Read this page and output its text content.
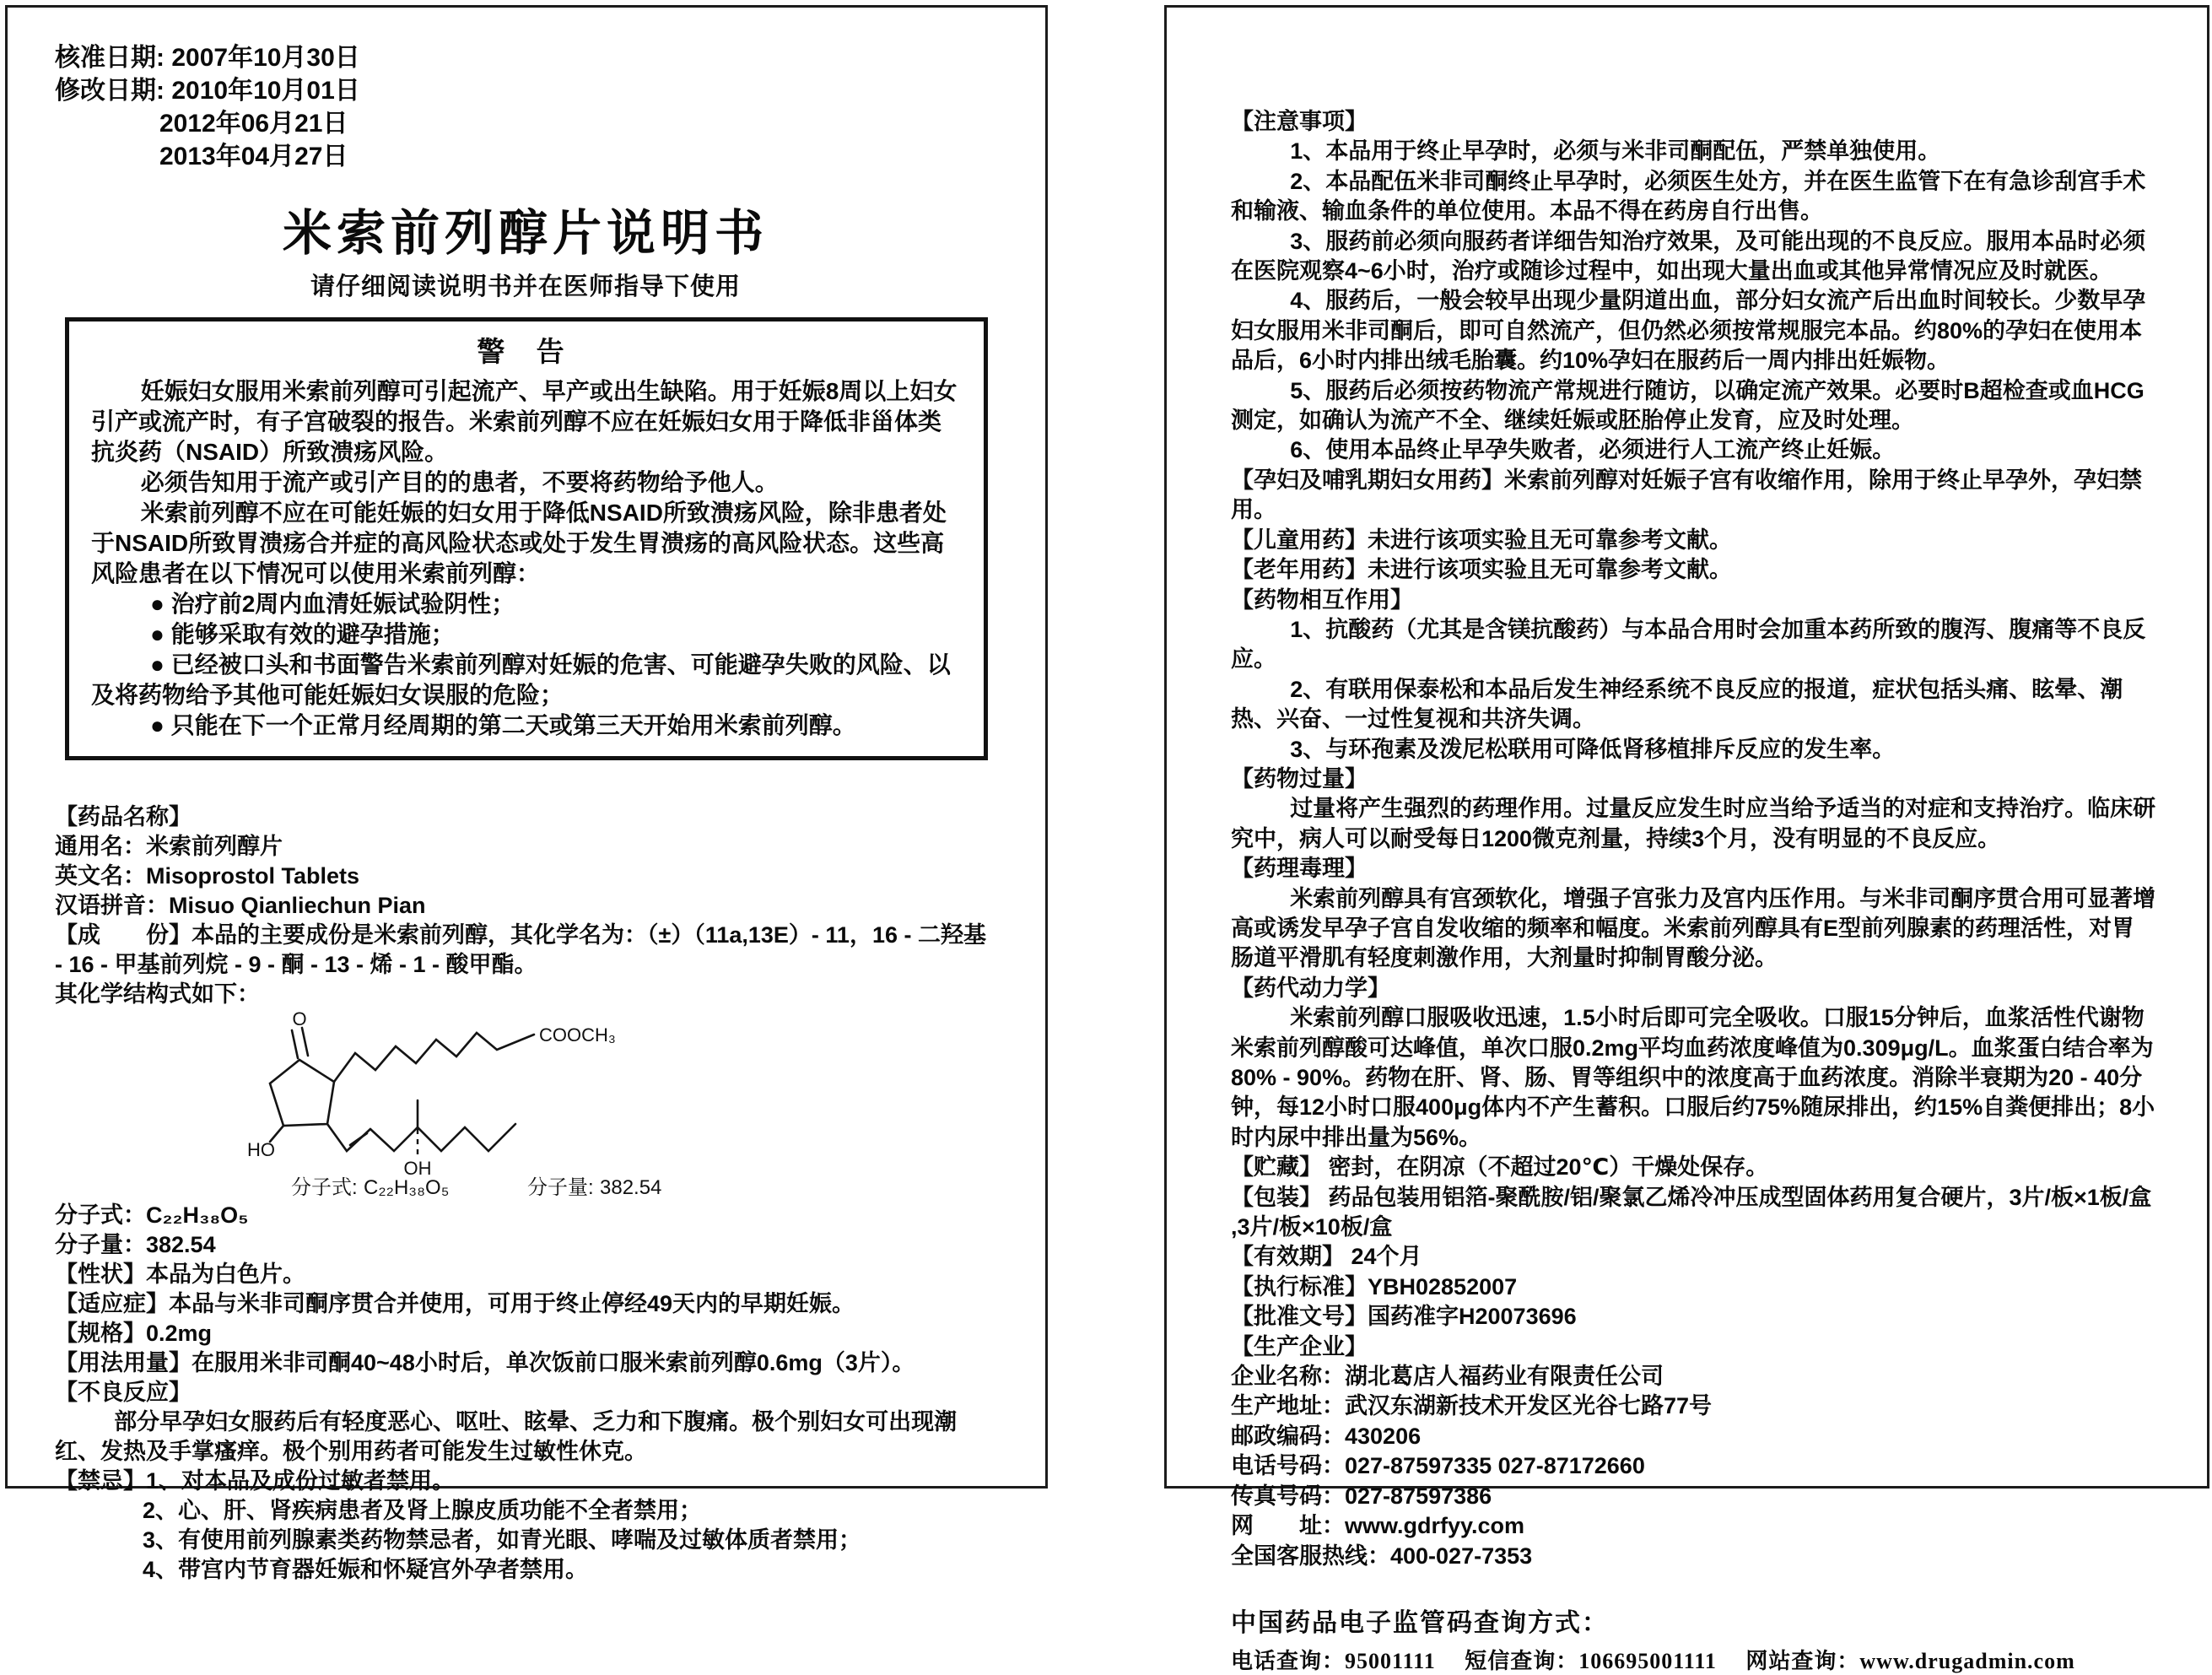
核准日期: 2007年10月30日
修改日期: 2010年10月01日
2012年06月21日
2013年04月27日
米索前列醇片说明书
请仔细阅读说明书并在医师指导下使用
警 告

妊娠妇女服用米索前列醇可引起流产、早产或出生缺陷。用于妊娠8周以上妇女引产或流产时，有子宫破裂的报告。米索前列醇不应在妊娠妇女用于降低非甾体类抗炎药（NSAID）所致溃疡风险。

必须告知用于流产或引产目的的患者，不要将药物给予他人。

米索前列醇不应在可能妊娠的妇女用于降低NSAID所致溃疡风险，除非患者处于NSAID所致胃溃疡合并症的高风险状态或处于发生胃溃疡的高风险状态。这些高风险患者在以下情况可以使用米索前列醇：

● 治疗前2周内血清妊娠试验阴性；

● 能够采取有效的避孕措施；

● 已经被口头和书面警告米索前列醇对妊娠的危害、可能避孕失败的风险、以及将药物给予其他可能妊娠妇女误服的危险；

● 只能在下一个正常月经周期的第二天或第三天开始用米索前列醇。

【药品名称】

通用名：米索前列醇片

英文名：Misoprostol Tablets

汉语拼音：Misuo Qianliechun Pian

【成　　份】本品的主要成份是米索前列醇，其化学名为：（±）（11a,13E）- 11，16 - 二羟基 - 16 - 甲基前列烷 - 9 - 酮 - 13 - 烯 - 1 - 酸甲酯。

其化学结构式如下：

O
HO
COOCH₃
OH
分子式: C₂₂H₃₈O₅	分子量: 382.54

分子式：C₂₂H₃₈O₅

分子量：382.54

【性状】本品为白色片。

【适应症】本品与米非司酮序贯合并使用，可用于终止停经49天内的早期妊娠。

【规格】0.2mg

【用法用量】在服用米非司酮40~48小时后，单次饭前口服米索前列醇0.6mg（3片）。

【不良反应】

部分早孕妇女服药后有轻度恶心、呕吐、眩晕、乏力和下腹痛。极个别妇女可出现潮红、发热及手掌瘙痒。极个别用药者可能发生过敏性休克。

【禁忌】1、对本品及成份过敏者禁用。

2、心、肝、肾疾病患者及肾上腺皮质功能不全者禁用；

3、有使用前列腺素类药物禁忌者，如青光眼、哮喘及过敏体质者禁用；

4、带宫内节育器妊娠和怀疑宫外孕者禁用。

【注意事项】

1、本品用于终止早孕时，必须与米非司酮配伍，严禁单独使用。

2、本品配伍米非司酮终止早孕时，必须医生处方，并在医生监管下在有急诊刮宫手术和输液、输血条件的单位使用。本品不得在药房自行出售。

3、服药前必须向服药者详细告知治疗效果，及可能出现的不良反应。服用本品时必须在医院观察4~6小时，治疗或随诊过程中，如出现大量出血或其他异常情况应及时就医。

4、服药后，一般会较早出现少量阴道出血，部分妇女流产后出血时间较长。少数早孕妇女服用米非司酮后，即可自然流产，但仍然必须按常规服完本品。约80%的孕妇在使用本品后，6小时内排出绒毛胎囊。约10%孕妇在服药后一周内排出妊娠物。

5、服药后必须按药物流产常规进行随访，以确定流产效果。必要时B超检查或血HCG测定，如确认为流产不全、继续妊娠或胚胎停止发育，应及时处理。

6、使用本品终止早孕失败者，必须进行人工流产终止妊娠。

【孕妇及哺乳期妇女用药】米索前列醇对妊娠子宫有收缩作用，除用于终止早孕外，孕妇禁用。

【儿童用药】未进行该项实验且无可靠参考文献。

【老年用药】未进行该项实验且无可靠参考文献。

【药物相互作用】

1、抗酸药（尤其是含镁抗酸药）与本品合用时会加重本药所致的腹泻、腹痛等不良反应。

2、有联用保泰松和本品后发生神经系统不良反应的报道，症状包括头痛、眩晕、潮热、兴奋、一过性复视和共济失调。

3、与环孢素及泼尼松联用可降低肾移植排斥反应的发生率。

【药物过量】

过量将产生强烈的药理作用。过量反应发生时应当给予适当的对症和支持治疗。临床研究中，病人可以耐受每日1200微克剂量，持续3个月，没有明显的不良反应。

【药理毒理】

米索前列醇具有宫颈软化，增强子宫张力及宫内压作用。与米非司酮序贯合用可显著增高或诱发早孕子宫自发收缩的频率和幅度。米索前列醇具有E型前列腺素的药理活性，对胃肠道平滑肌有轻度刺激作用，大剂量时抑制胃酸分泌。

【药代动力学】

米索前列醇口服吸收迅速，1.5小时后即可完全吸收。口服15分钟后，血浆活性代谢物米索前列醇酸可达峰值，单次口服0.2mg平均血药浓度峰值为0.309μg/L。血浆蛋白结合率为80% - 90%。药物在肝、肾、肠、胃等组织中的浓度高于血药浓度。消除半衰期为20 - 40分钟，每12小时口服400μg体内不产生蓄积。口服后约75%随尿排出，约15%自粪便排出；8小时内尿中排出量为56%。

【贮藏】 密封，在阴凉（不超过20℃）干燥处保存。

【包装】 药品包装用铝箔-聚酰胺/铝/聚氯乙烯冷冲压成型固体药用复合硬片，3片/板×1板/盒 ,3片/板×10板/盒

【有效期】 24个月

【执行标准】YBH02852007

【批准文号】国药准字H20073696

【生产企业】

企业名称：湖北葛店人福药业有限责任公司

生产地址：武汉东湖新技术开发区光谷七路77号

邮政编码：430206

电话号码：027-87597335 027-87172660

传真号码：027-87597386

网　　址：www.gdrfyy.com

全国客服热线：400-027-7353

中国药品电子监管码查询方式：

电话查询：95001111　 短信查询：106695001111　 网站查询：www.drugadmin.com
